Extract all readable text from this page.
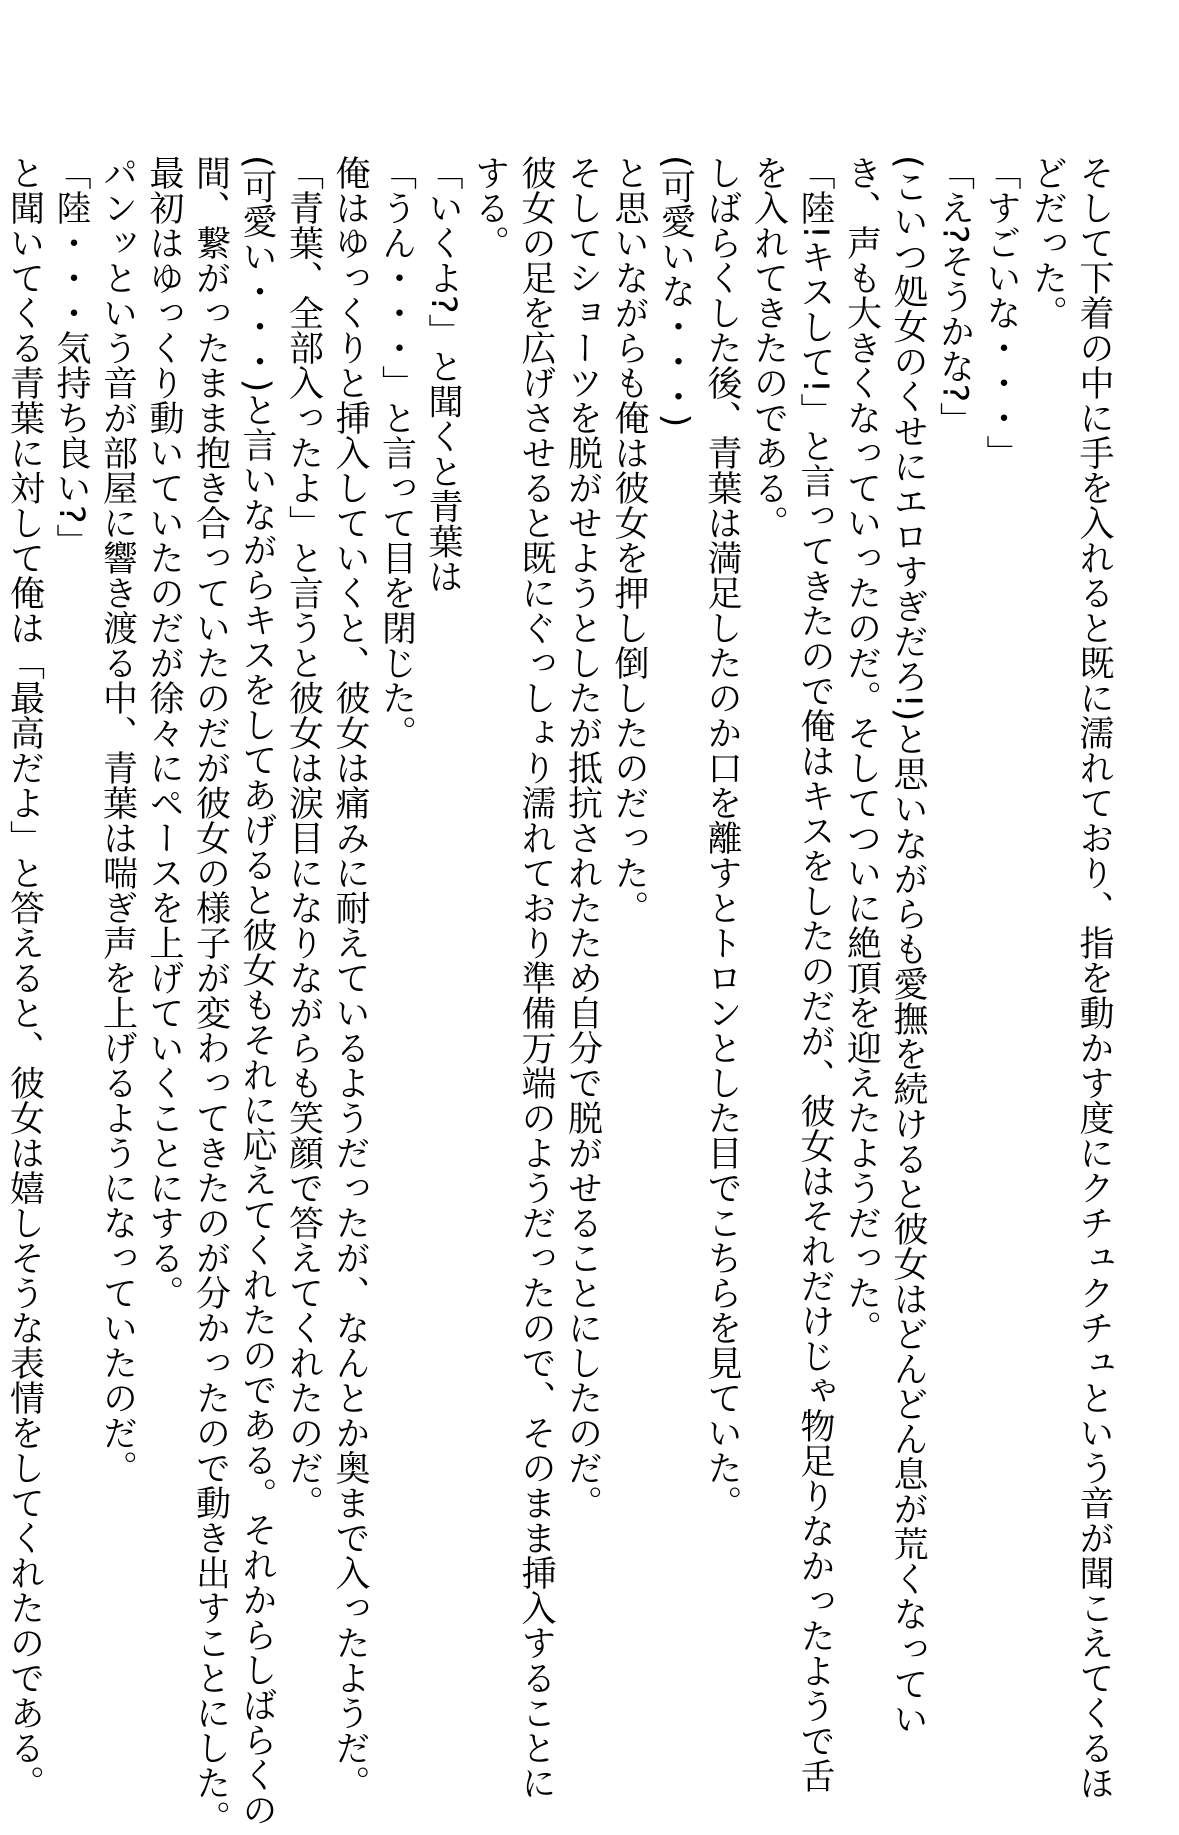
そして下着の中に手を入れると既に濡れており、指を動かす度にクチュクチュという音が聞こえてくるほ
どだった。
「すごいな・・・」
「え?そうかな?」
(こいつ処女のくせにエロすぎだろ!)と思いながらも愛撫を続けると彼女はどんどん息が荒くなってい
き、声も大きくなっていったのだ。そしてついに絶頂を迎えたようだった。
「陸!キスして!」と言ってきたので俺はキスをしたのだが、彼女はそれだけじゃ物足りなかったようで舌
を入れてきたのである。
しばらくした後、青葉は満足したのか口を離すとトロンとした目でこちらを見ていた。
(可愛いな・・・)
と思いながらも俺は彼女を押し倒したのだった。
そしてショーツを脱がせようとしたが抵抗されたため自分で脱がせることにしたのだ。
彼女の足を広げさせると既にぐっしょり濡れており準備万端のようだったので、そのまま挿入することに
する。
「いくよ?」と聞くと青葉は
「うん・・・」と言って目を閉じた。
俺はゆっくりと挿入していくと、彼女は痛みに耐えているようだったが、なんとか奥まで入ったようだ。
「青葉、全部入ったよ」と言うと彼女は涙目になりながらも笑顔で答えてくれたのだ。
(可愛い・・・)と言いながらキスをしてあげると彼女もそれに応えてくれたのである。それからしばらくの
間、繋がったまま抱き合っていたのだが彼女の様子が変わってきたのが分かったので動き出すことにした。
最初はゆっくり動いていたのだが徐々にペースを上げていくことにする。
パンッという音が部屋に響き渡る中、青葉は喘ぎ声を上げるようになっていたのだ。
「陸・・・気持ち良い?」
と聞いてくる青葉に対して俺は「最高だよ」と答えると、彼女は嬉しそうな表情をしてくれたのである。
